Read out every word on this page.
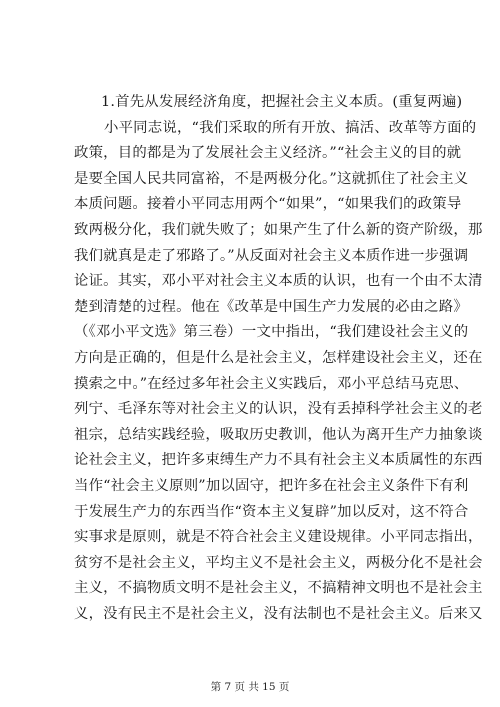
1.首先从发展经济角度，把握社会主义本质。(重复两遍)
小平同志说，“我们采取的所有开放、搞活、改革等方面的
政策，目的都是为了发展社会主义经济。”“社会主义的目的就
是要全国人民共同富裕，不是两极分化。”这就抓住了社会主义
本质问题。接着小平同志用两个“如果”，“如果我们的政策导
致两极分化，我们就失败了；如果产生了什么新的资产阶级，那
我们就真是走了邪路了。”从反面对社会主义本质作进一步强调
论证。其实，邓小平对社会主义本质的认识，也有一个由不太清
楚到清楚的过程。他在《改革是中国生产力发展的必由之路》
（《邓小平文选》第三卷）一文中指出，“我们建设社会主义的
方向是正确的，但是什么是社会主义，怎样建设社会主义，还在
摸索之中。”在经过多年社会主义实践后，邓小平总结马克思、
列宁、毛泽东等对社会主义的认识，没有丢掉科学社会主义的老
祖宗，总结实践经验，吸取历史教训，他认为离开生产力抽象谈
论社会主义，把许多束缚生产力不具有社会主义本质属性的东西
当作“社会主义原则”加以固守，把许多在社会主义条件下有利
于发展生产力的东西当作“资本主义复辟”加以反对，这不符合
实事求是原则，就是不符合社会主义建设规律。小平同志指出，
贫穷不是社会主义，平均主义不是社会主义，两极分化不是社会
主义，不搞物质文明不是社会主义，不搞精神文明也不是社会主
义，没有民主不是社会主义，没有法制也不是社会主义。后来又
第 7 页 共 15 页
